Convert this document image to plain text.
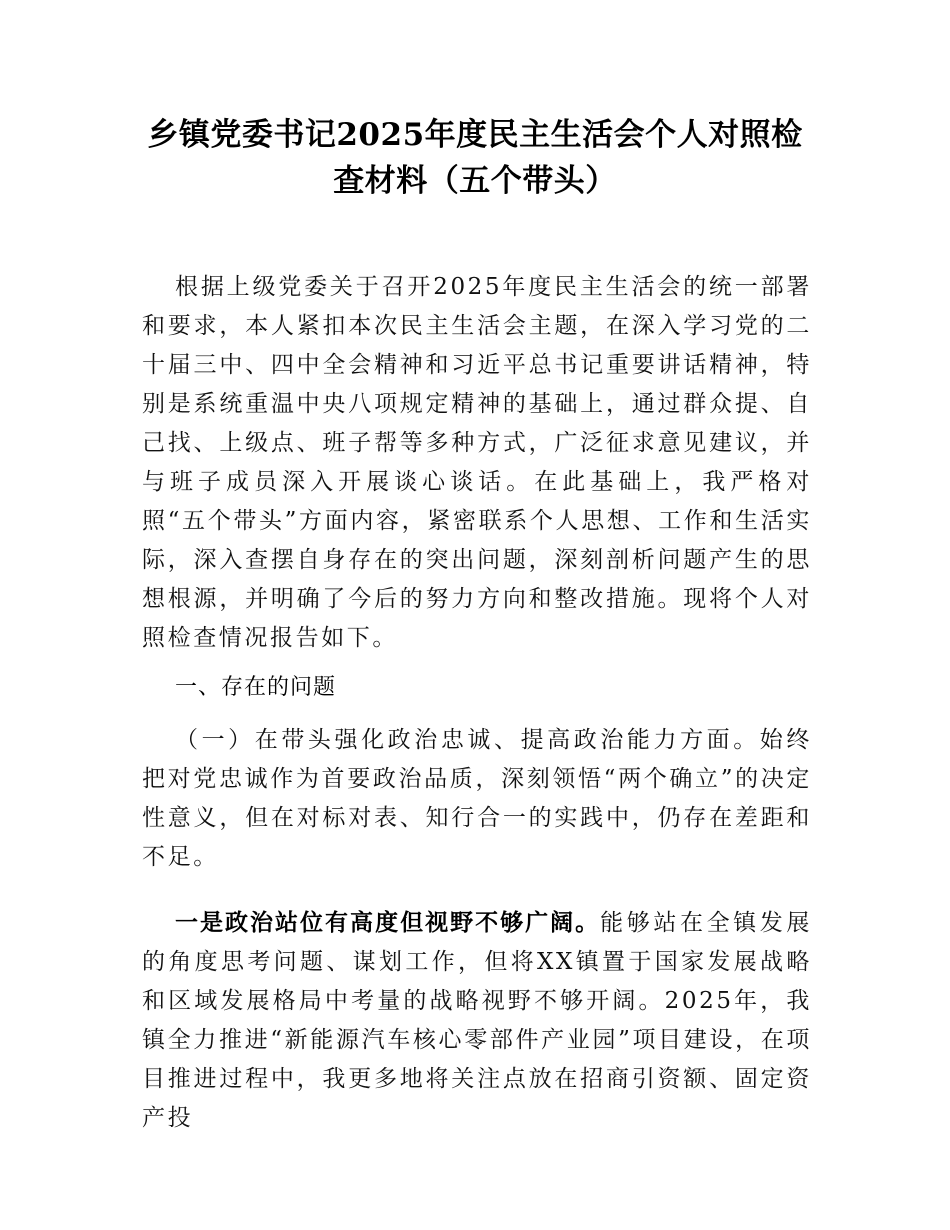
乡镇党委书记2025年度民主生活会个人对照检
查材料（五个带头）

根据上级党委关于召开2025年度民主生活会的统一部署和要求，本人紧扣本次民主生活会主题，在深入学习党的二十届三中、四中全会精神和习近平总书记重要讲话精神，特别是系统重温中央八项规定精神的基础上，通过群众提、自己找、上级点、班子帮等多种方式，广泛征求意见建议，并与班子成员深入开展谈心谈话。在此基础上，我严格对照“五个带头”方面内容，紧密联系个人思想、工作和生活实际，深入查摆自身存在的突出问题，深刻剖析问题产生的思想根源，并明确了今后的努力方向和整改措施。现将个人对照检查情况报告如下。

一、存在的问题

（一）在带头强化政治忠诚、提高政治能力方面。始终把对党忠诚作为首要政治品质，深刻领悟“两个确立”的决定性意义，但在对标对表、知行合一的实践中，仍存在差距和不足。

一是政治站位有高度但视野不够广阔。能够站在全镇发展的角度思考问题、谋划工作，但将XX镇置于国家发展战略和区域发展格局中考量的战略视野不够开阔。2025年，我镇全力推进“新能源汽车核心零部件产业园”项目建设，在项目推进过程中，我更多地将关注点放在招商引资额、固定资产投
